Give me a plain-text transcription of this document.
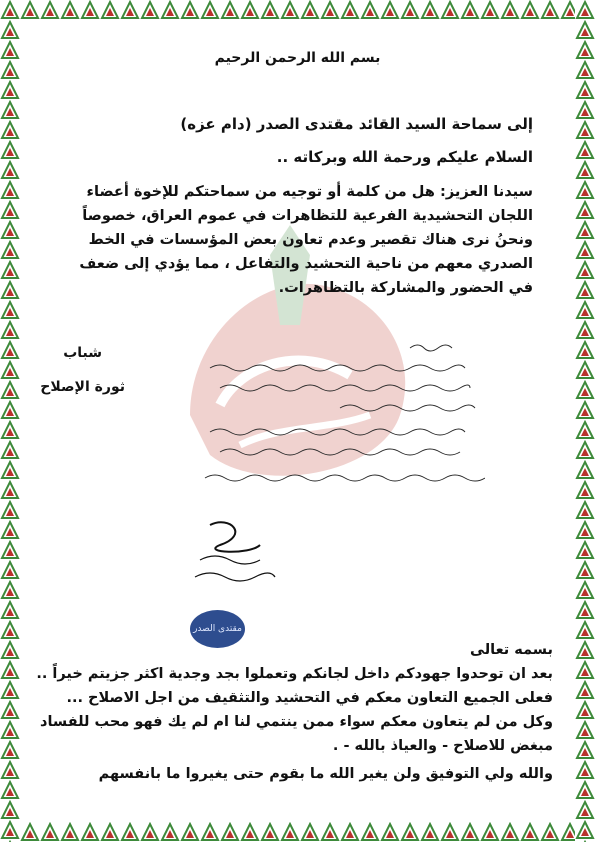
بسم الله الرحمن الرحيم
إلى سماحة السيد القائد مقتدى الصدر (دام عزه)
السلام عليكم ورحمة الله وبركاته ..
سيدنا العزيز: هل من كلمة أو توجيه من سماحتكم للإخوة أعضاء اللجان التحشيدية الفرعية للتظاهرات في عموم العراق، خصوصاً ونحنُ نرى هناك تقصير وعدم تعاون بعض المؤسسات في الخط الصدري معهم من ناحية التحشيد والتفاعل ، مما يؤدي إلى ضعف في الحضور والمشاركة بالتظاهرات.
شباب
ثورة الإصلاح
مقتدى الصدر

بسمه تعالى

بعد ان توحدوا جهودكم داخل لجانكم وتعملوا بجد وجدية اكثر جزيتم خيراً .. فعلى الجميع التعاون معكم في التحشيد والتثقيف من اجل الاصلاح ...

وكل من لم يتعاون معكم سواء ممن ينتمي لنا ام لم يك فهو محب للفساد مبغض للاصلاح - والعياذ بالله - .

والله ولي التوفيق ولن يغير الله ما بقوم حتى يغيروا ما بانفسهم
